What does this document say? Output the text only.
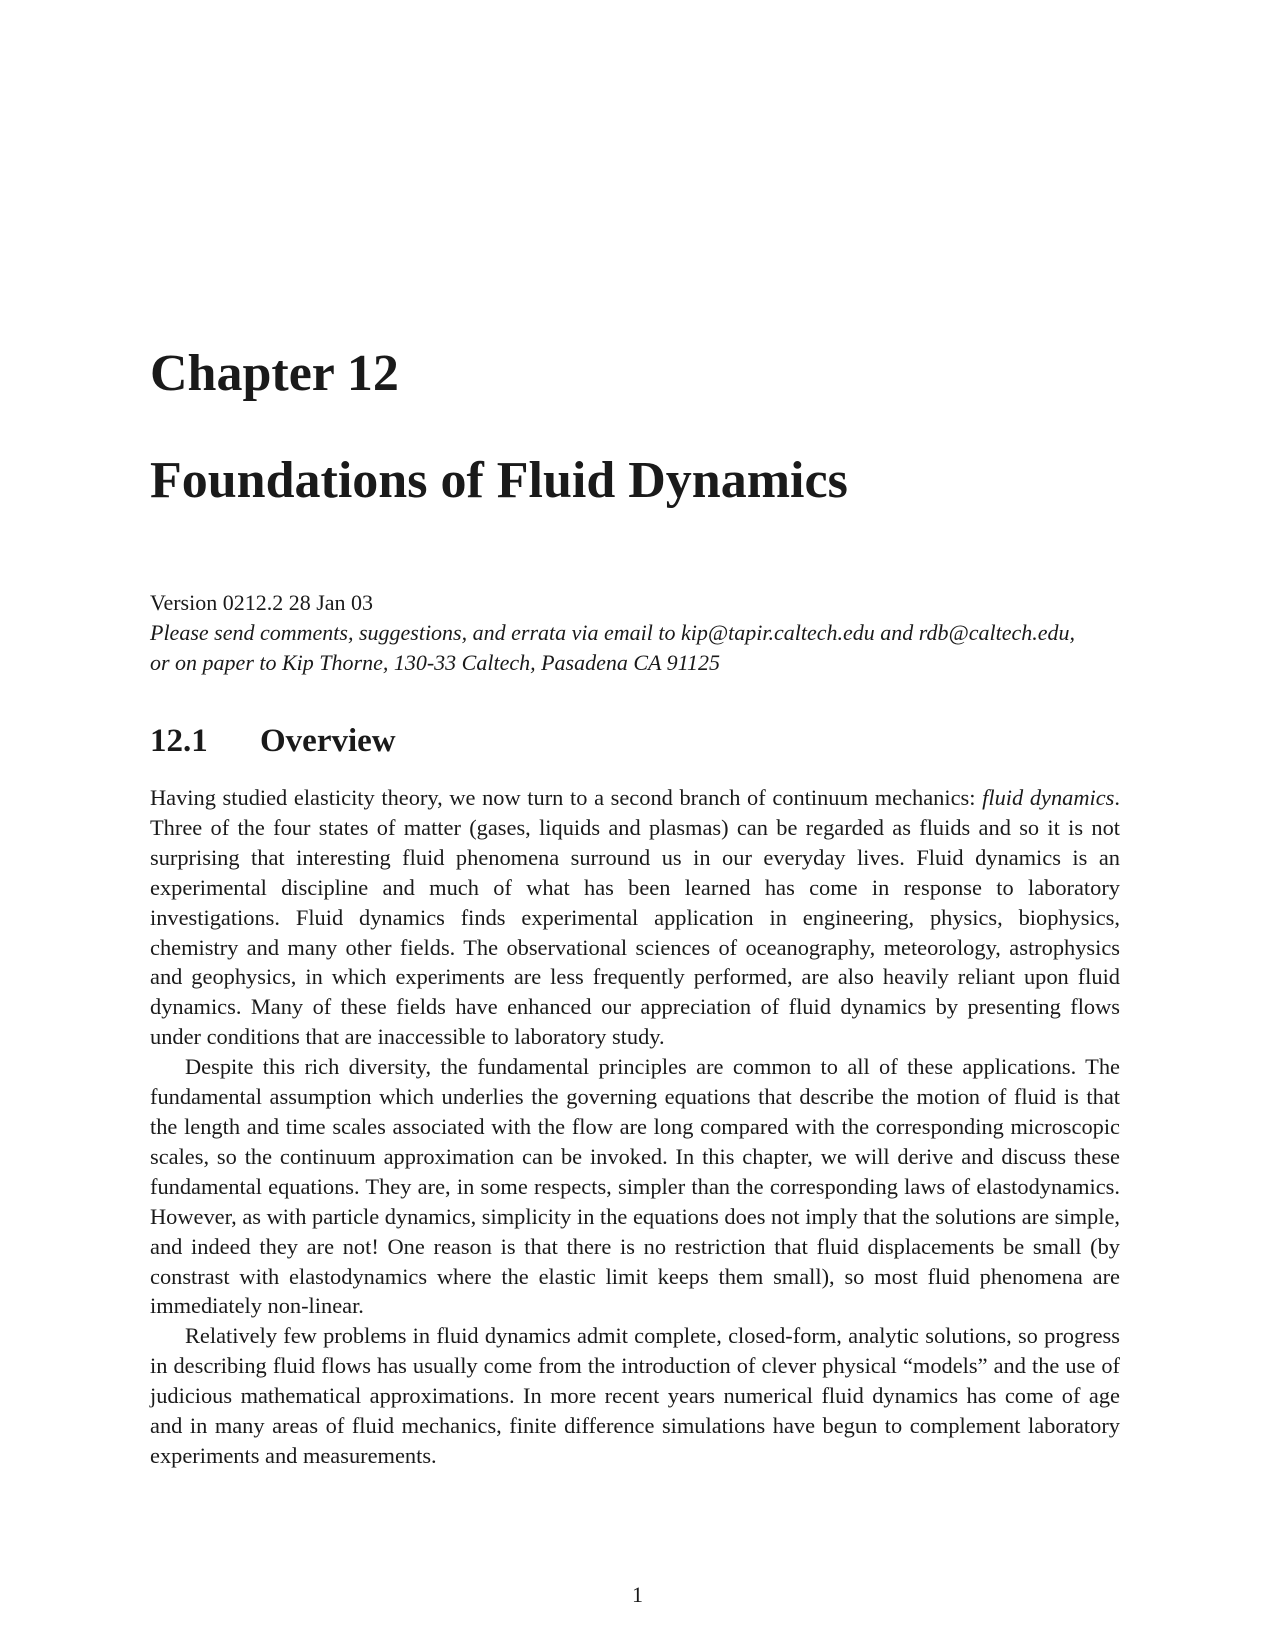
Chapter 12
Foundations of Fluid Dynamics
Version 0212.2 28 Jan 03
Please send comments, suggestions, and errata via email to kip@tapir.caltech.edu and rdb@caltech.edu,
or on paper to Kip Thorne, 130-33 Caltech, Pasadena CA 91125
12.1 Overview

Having studied elasticity theory, we now turn to a second branch of continuum mechanics: fluid dynamics. Three of the four states of matter (gases, liquids and plasmas) can be regarded as fluids and so it is not surprising that interesting fluid phenomena surround us in our everyday lives. Fluid dynamics is an experimental discipline and much of what has been learned has come in response to laboratory investigations. Fluid dynamics finds experimental application in engineering, physics, biophysics, chemistry and many other fields. The observational sciences of oceanography, meteorology, astrophysics and geophysics, in which experiments are less frequently performed, are also heavily reliant upon fluid dynamics. Many of these fields have enhanced our appreciation of fluid dynamics by presenting flows under conditions that are inaccessible to laboratory study.

Despite this rich diversity, the fundamental principles are common to all of these applications. The fundamental assumption which underlies the governing equations that describe the motion of fluid is that the length and time scales associated with the flow are long compared with the corresponding microscopic scales, so the continuum approximation can be invoked. In this chapter, we will derive and discuss these fundamental equations. They are, in some respects, simpler than the corresponding laws of elastodynamics. However, as with particle dynamics, simplicity in the equations does not imply that the solutions are simple, and indeed they are not! One reason is that there is no restriction that fluid displacements be small (by constrast with elastodynamics where the elastic limit keeps them small), so most fluid phenomena are immediately non-linear.

Relatively few problems in fluid dynamics admit complete, closed-form, analytic solutions, so progress in describing fluid flows has usually come from the introduction of clever physical “models” and the use of judicious mathematical approximations. In more recent years numerical fluid dynamics has come of age and in many areas of fluid mechanics, finite difference simulations have begun to complement laboratory experiments and measurements.

1
